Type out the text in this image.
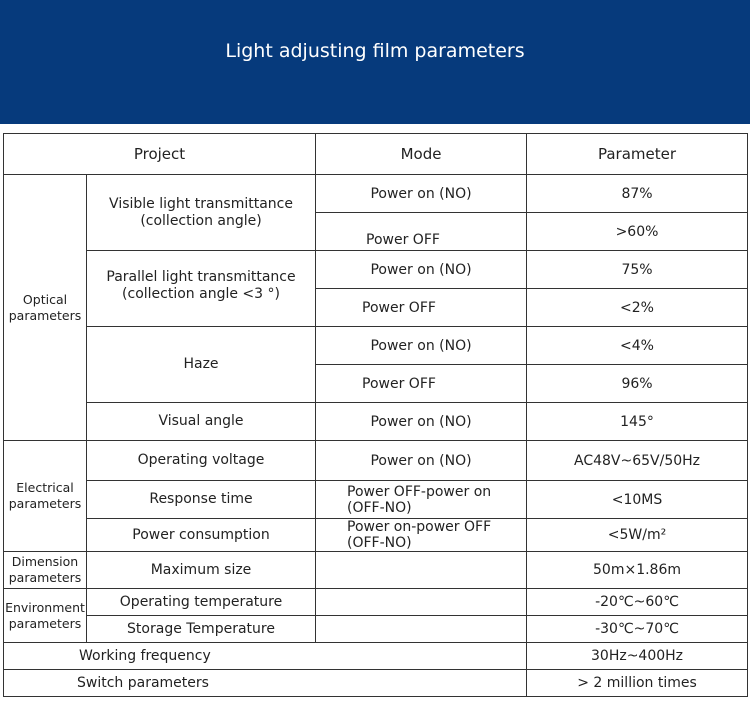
Light adjusting film parameters
Project		Mode	Parameter
Optical parameters	Visible light transmittance (collection angle)	Power on (NO)	87%
		Power OFF	>60%
	Parallel light transmittance (collection angle <3 °)	Power on (NO)	75%
		Power OFF	<2%
	Haze	Power on (NO)	<4%
		Power OFF	96%
	Visual angle	Power on (NO)	145°
Electrical parameters	Operating voltage	Power on (NO)	AC48V~65V/50Hz
	Response time	Power OFF-power on (OFF-NO)	<10MS
	Power consumption	Power on-power OFF (OFF-NO)	<5W/m²
Dimension parameters	Maximum size		50m×1.86m
Environment parameters	Operating temperature		-20℃~60℃
	Storage Temperature		-30℃~70℃
Working frequency			30Hz~400Hz
Switch parameters			> 2 million times
